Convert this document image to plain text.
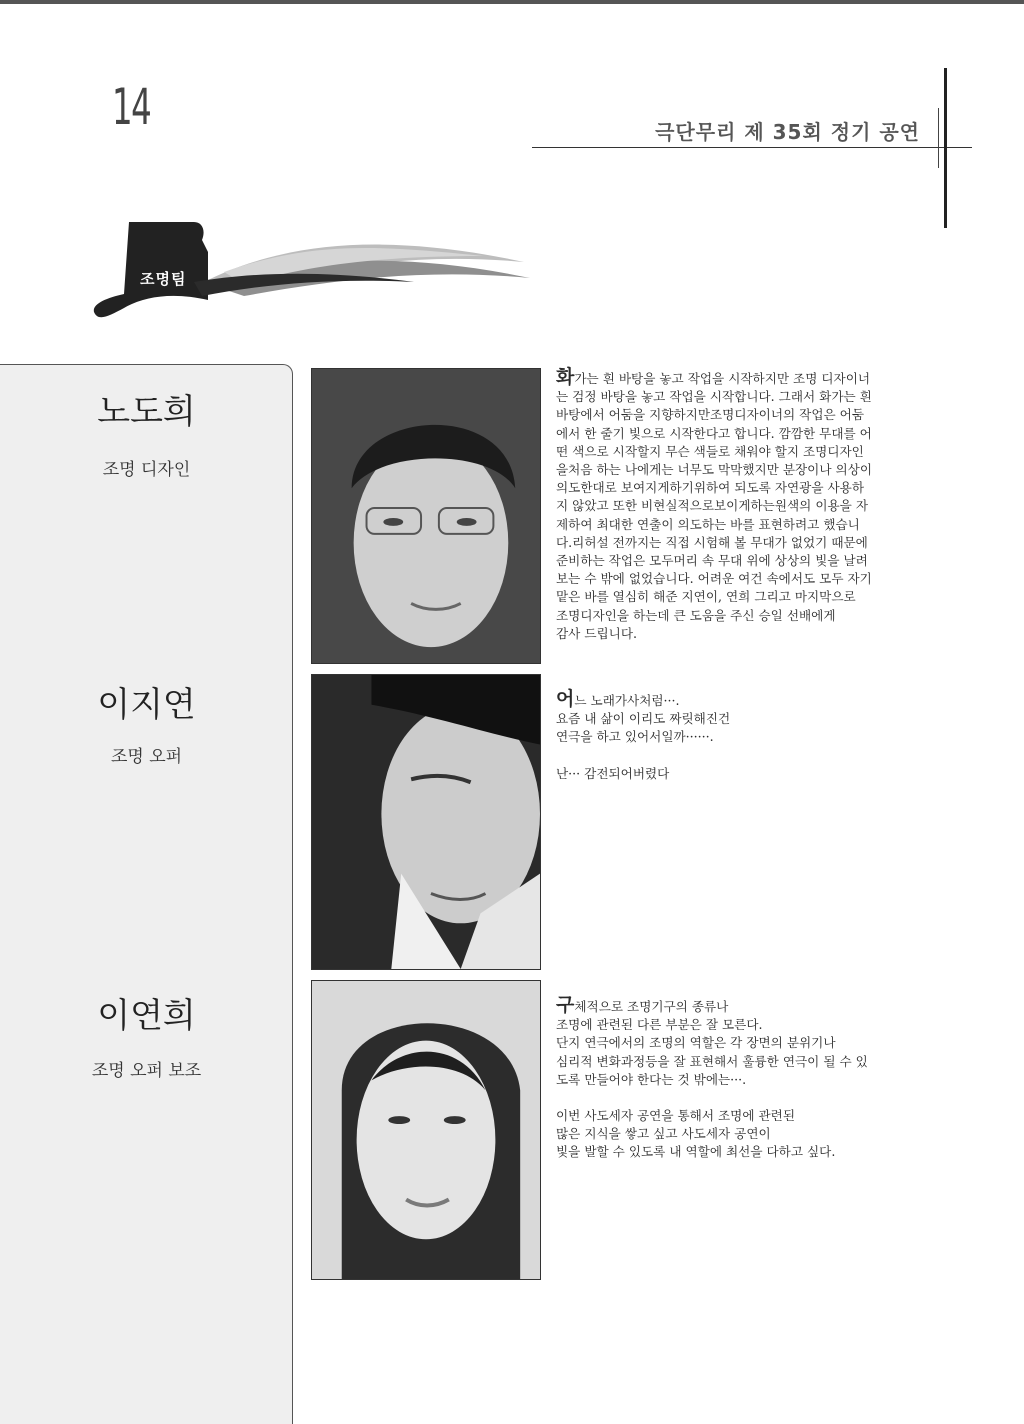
14	극단무리 제 35회 정기 공연
조명팀
노도희
조명 디자인
이지연
조명 오퍼
이연희
조명 오퍼 보조

화가는 흰 바탕을 놓고 작업을 시작하지만 조명 디자이너

는 검정 바탕을 놓고 작업을 시작합니다. 그래서 화가는 흰

바탕에서 어둠을 지향하지만조명디자이너의 작업은 어둠

에서 한 줄기 빛으로 시작한다고 합니다. 깜깜한 무대를 어

떤 색으로 시작할지 무슨 색들로 채워야 할지 조명디자인

을처음 하는 나에게는 너무도 막막했지만 분장이나 의상이

의도한대로 보여지게하기위하여 되도록 자연광을 사용하

지 않았고 또한 비현실적으로보이게하는원색의 이용을 자

제하여 최대한 연출이 의도하는 바를 표현하려고 했습니

다.리허설 전까지는 직접 시험해 볼 무대가 없었기 때문에

준비하는 작업은 모두머리 속 무대 위에 상상의 빛을 날려

보는 수 밖에 없었습니다. 어려운 여건 속에서도 모두 자기

맡은 바를 열심히 해준 지연이, 연희 그리고 마지막으로

조명디자인을 하는데 큰 도움을 주신 승일 선배에게

감사 드립니다.

어느 노래가사처럼···.

요즘 내 삶이 이리도 짜릿해진건

연극을 하고 있어서일까······.

난··· 감전되어버렸다

구체적으로 조명기구의 종류나

조명에 관련된 다른 부분은 잘 모른다.

단지 연극에서의 조명의 역할은 각 장면의 분위기나

심리적 변화과정등을 잘 표현해서 훌륭한 연극이 될 수 있

도록 만들어야 한다는 것 밖에는···.

이번 사도세자 공연을 통해서 조명에 관련된

많은 지식을 쌓고 싶고 사도세자 공연이

빛을 발할 수 있도록 내 역할에 최선을 다하고 싶다.
